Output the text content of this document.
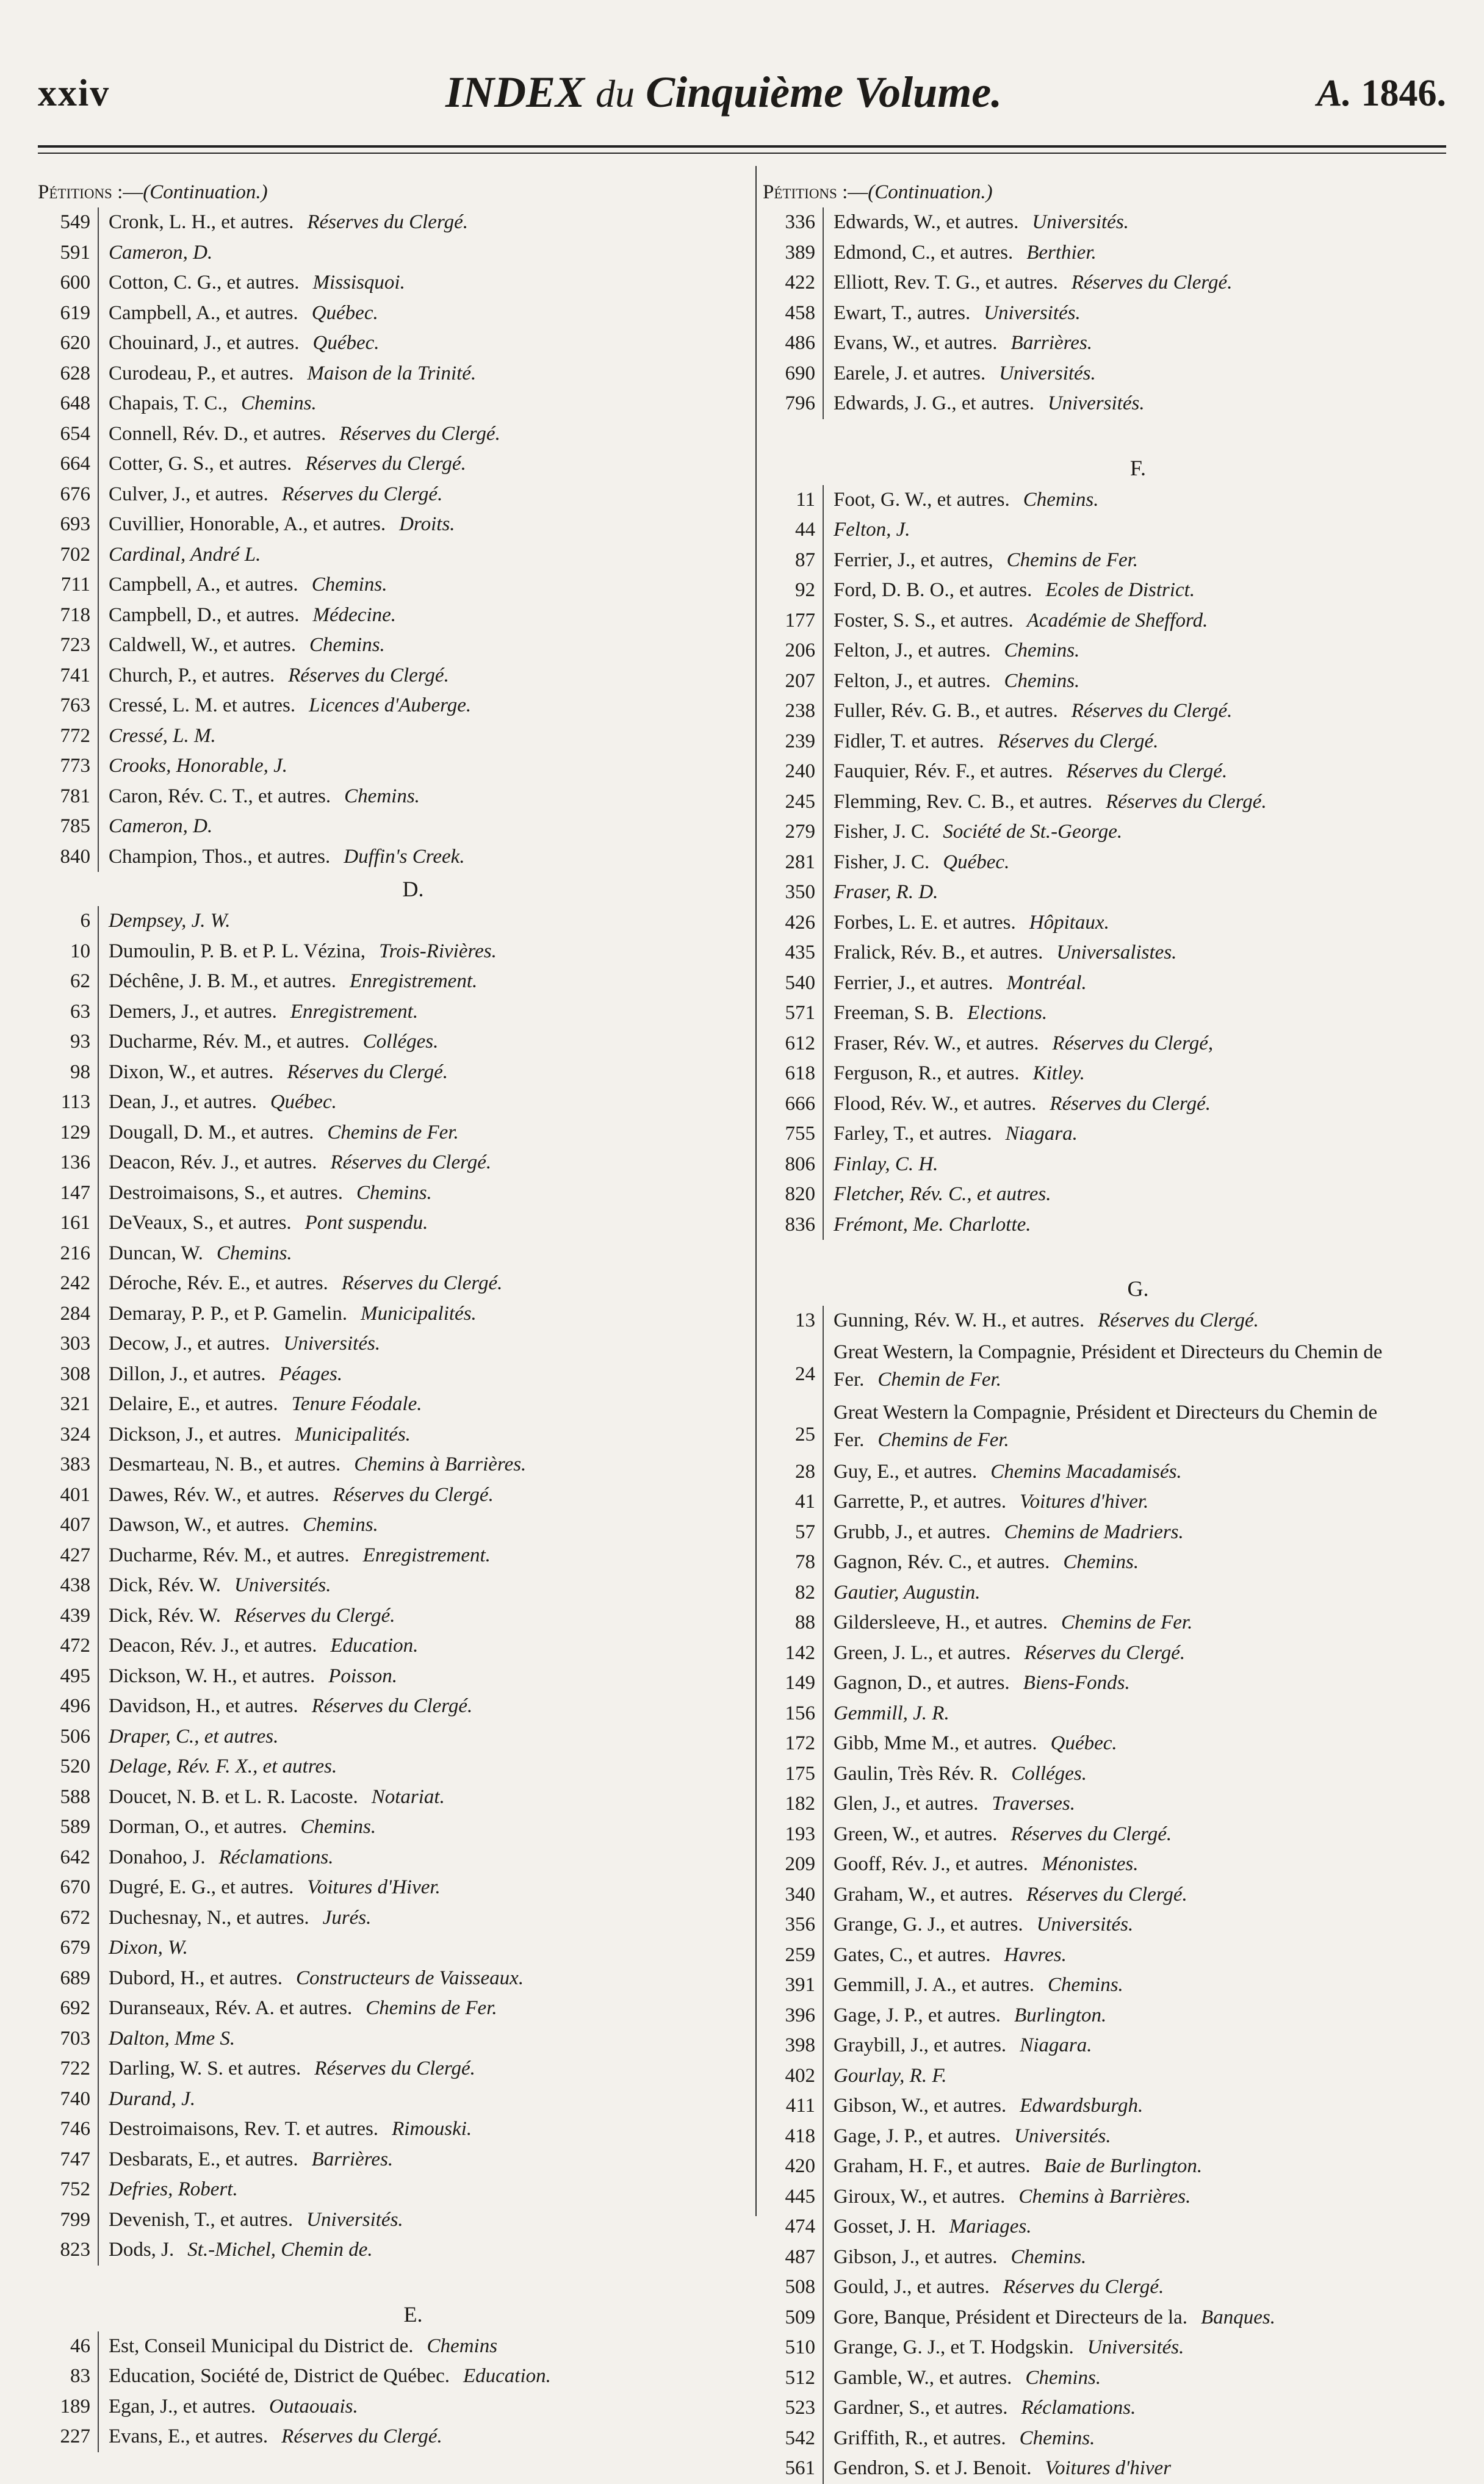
xxiv	INDEX du Cinquième Volume.	A. 1846.
Pétitions :—(Continuation.)
549 Cronk, L. H., et autres. Réserves du Clergé.
591 Cameron, D.
600 Cotton, C. G., et autres. Missisquoi.
619 Campbell, A., et autres. Québec.
620 Chouinard, J., et autres. Québec.
628 Curodeau, P., et autres. Maison de la Trinité.
648 Chapais, T. C., Chemins.
654 Connell, Rév. D., et autres. Réserves du Clergé.
664 Cotter, G. S., et autres. Réserves du Clergé.
676 Culver, J., et autres. Réserves du Clergé.
693 Cuvillier, Honorable, A., et autres. Droits.
702 Cardinal, André L.
711 Campbell, A., et autres. Chemins.
718 Campbell, D., et autres. Médecine.
723 Caldwell, W., et autres. Chemins.
741 Church, P., et autres. Réserves du Clergé.
763 Cressé, L. M. et autres. Licences d'Auberge.
772 Cressé, L. M.
773 Crooks, Honorable, J.
781 Caron, Rév. C. T., et autres. Chemins.
785 Cameron, D.
840 Champion, Thos., et autres. Duffin's Creek.
D.
6 Dempsey, J. W.
10 Dumoulin, P. B. et P. L. Vézina, Trois-Rivières.
62 Déchêne, J. B. M., et autres. Enregistrement.
63 Demers, J., et autres. Enregistrement.
93 Ducharme, Rév. M., et autres. Colléges.
98 Dixon, W., et autres. Réserves du Clergé.
113 Dean, J., et autres. Québec.
129 Dougall, D. M., et autres. Chemins de Fer.
136 Deacon, Rév. J., et autres. Réserves du Clergé.
147 Destroimaisons, S., et autres. Chemins.
161 DeVeaux, S., et autres. Pont suspendu.
216 Duncan, W. Chemins.
242 Déroche, Rév. E., et autres. Réserves du Clergé.
284 Demaray, P. P., et P. Gamelin. Municipalités.
303 Decow, J., et autres. Universités.
308 Dillon, J., et autres. Péages.
321 Delaire, E., et autres. Tenure Féodale.
324 Dickson, J., et autres. Municipalités.
383 Desmarteau, N. B., et autres. Chemins à Barrières.
401 Dawes, Rév. W., et autres. Réserves du Clergé.
407 Dawson, W., et autres. Chemins.
427 Ducharme, Rév. M., et autres. Enregistrement.
438 Dick, Rév. W. Universités.
439 Dick, Rév. W. Réserves du Clergé.
472 Deacon, Rév. J., et autres. Education.
495 Dickson, W. H., et autres. Poisson.
496 Davidson, H., et autres. Réserves du Clergé.
506 Draper, C., et autres.
520 Delage, Rév. F. X., et autres.
588 Doucet, N. B. et L. R. Lacoste. Notariat.
589 Dorman, O., et autres. Chemins.
642 Donahoo, J. Réclamations.
670 Dugré, E. G., et autres. Voitures d'Hiver.
672 Duchesnay, N., et autres. Jurés.
679 Dixon, W.
689 Dubord, H., et autres. Constructeurs de Vaisseaux.
692 Duranseaux, Rév. A. et autres. Chemins de Fer.
703 Dalton, Mme S.
722 Darling, W. S. et autres. Réserves du Clergé.
740 Durand, J.
746 Destroimaisons, Rev. T. et autres. Rimouski.
747 Desbarats, E., et autres. Barrières.
752 Defries, Robert.
799 Devenish, T., et autres. Universités.
823 Dods, J. St.-Michel, Chemin de.
E.
46 Est, Conseil Municipal du District de. Chemins
83 Education, Société de, District de Québec. Education.
189 Egan, J., et autres. Outaouais.
227 Evans, E., et autres. Réserves du Clergé.
Pétitions :—(Continuation.)
336 Edwards, W., et autres. Universités.
389 Edmond, C., et autres. Berthier.
422 Elliott, Rev. T. G., et autres. Réserves du Clergé.
458 Ewart, T., autres. Universités.
486 Evans, W., et autres. Barrières.
690 Earele, J. et autres. Universités.
796 Edwards, J. G., et autres. Universités.
F.
11 Foot, G. W., et autres. Chemins.
44 Felton, J.
87 Ferrier, J., et autres, Chemins de Fer.
92 Ford, D. B. O., et autres. Ecoles de District.
177 Foster, S. S., et autres. Académie de Shefford.
206 Felton, J., et autres. Chemins.
207 Felton, J., et autres. Chemins.
238 Fuller, Rév. G. B., et autres. Réserves du Clergé.
239 Fidler, T. et autres. Réserves du Clergé.
240 Fauquier, Rév. F., et autres. Réserves du Clergé.
245 Flemming, Rev. C. B., et autres. Réserves du Clergé.
279 Fisher, J. C. Société de St.-George.
281 Fisher, J. C. Québec.
350 Fraser, R. D.
426 Forbes, L. E. et autres. Hôpitaux.
435 Fralick, Rév. B., et autres. Universalistes.
540 Ferrier, J., et autres. Montréal.
571 Freeman, S. B. Elections.
612 Fraser, Rév. W., et autres. Réserves du Clergé,
618 Ferguson, R., et autres. Kitley.
666 Flood, Rév. W., et autres. Réserves du Clergé.
755 Farley, T., et autres. Niagara.
806 Finlay, C. H.
820 Fletcher, Rév. C., et autres.
836 Frémont, Me. Charlotte.
G.
13 Gunning, Rév. W. H., et autres. Réserves du Clergé.
24
Great Western, la Compagnie, Président et Directeurs du Chemin de Fer. Chemin de Fer.
25
Great Western la Compagnie, Président et Directeurs du Chemin de Fer. Chemins de Fer.
28 Guy, E., et autres. Chemins Macadamisés.
41 Garrette, P., et autres. Voitures d'hiver.
57 Grubb, J., et autres. Chemins de Madriers.
78 Gagnon, Rév. C., et autres. Chemins.
82 Gautier, Augustin.
88 Gildersleeve, H., et autres. Chemins de Fer.
142 Green, J. L., et autres. Réserves du Clergé.
149 Gagnon, D., et autres. Biens-Fonds.
156 Gemmill, J. R.
172 Gibb, Mme M., et autres. Québec.
175 Gaulin, Très Rév. R. Colléges.
182 Glen, J., et autres. Traverses.
193 Green, W., et autres. Réserves du Clergé.
209 Gooff, Rév. J., et autres. Ménonistes.
340 Graham, W., et autres. Réserves du Clergé.
356 Grange, G. J., et autres. Universités.
259 Gates, C., et autres. Havres.
391 Gemmill, J. A., et autres. Chemins.
396 Gage, J. P., et autres. Burlington.
398 Graybill, J., et autres. Niagara.
402 Gourlay, R. F.
411 Gibson, W., et autres. Edwardsburgh.
418 Gage, J. P., et autres. Universités.
420 Graham, H. F., et autres. Baie de Burlington.
445 Giroux, W., et autres. Chemins à Barrières.
474 Gosset, J. H. Mariages.
487 Gibson, J., et autres. Chemins.
508 Gould, J., et autres. Réserves du Clergé.
509 Gore, Banque, Président et Directeurs de la. Banques.
510 Grange, G. J., et T. Hodgskin. Universités.
512 Gamble, W., et autres. Chemins.
523 Gardner, S., et autres. Réclamations.
542 Griffith, R., et autres. Chemins.
561 Gendron, S. et J. Benoit. Voitures d'hiver
